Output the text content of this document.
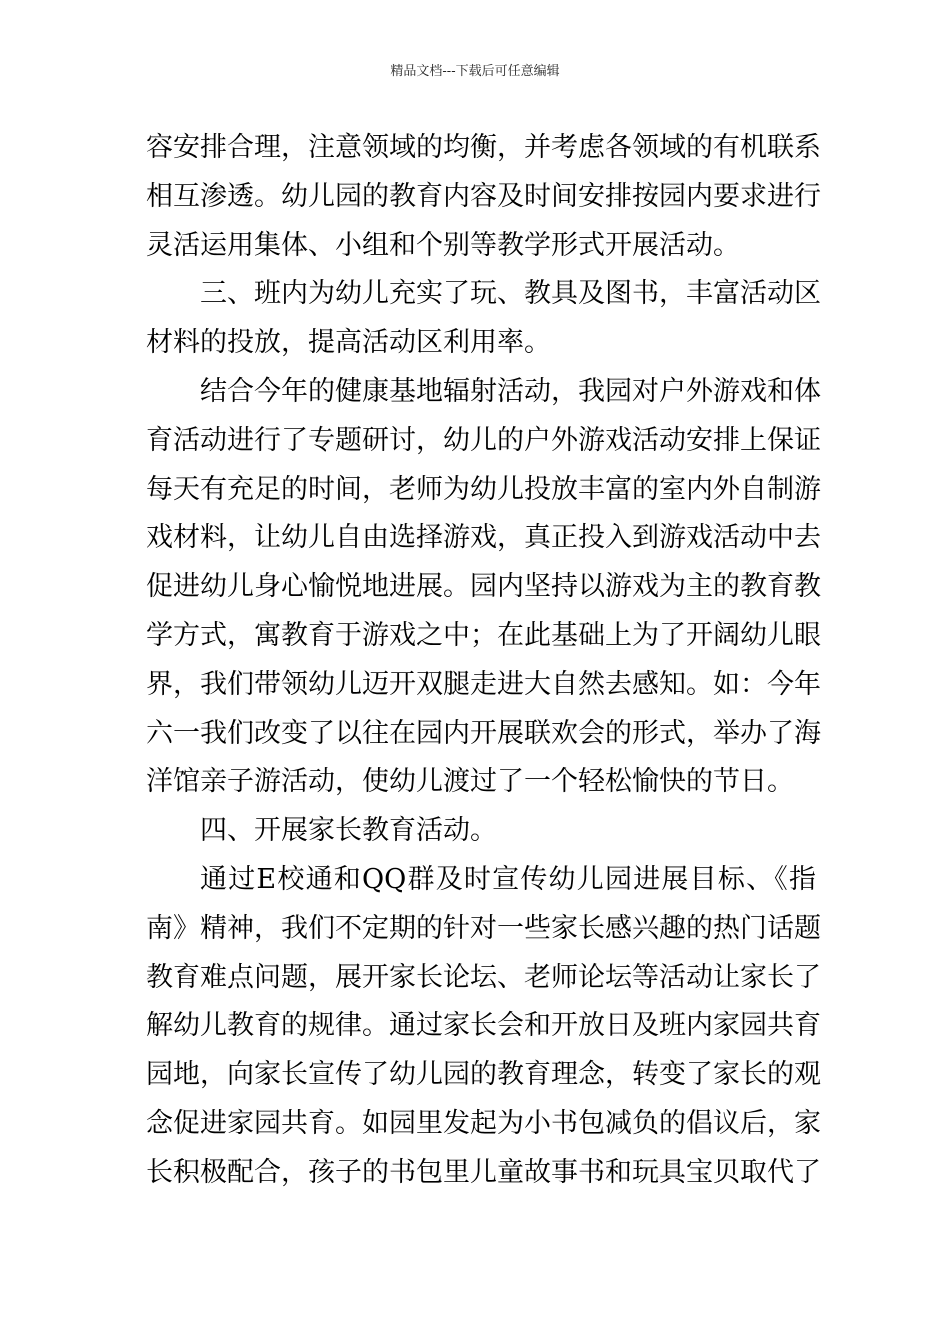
精品文档---下载后可任意编辑
容安排合理，注意领域的均衡，并考虑各领域的有机联系
相互渗透。幼儿园的教育内容及时间安排按园内要求进行
灵活运用集体、小组和个别等教学形式开展活动。
三、班内为幼儿充实了玩、教具及图书，丰富活动区
材料的投放，提高活动区利用率。
结合今年的健康基地辐射活动，我园对户外游戏和体
育活动进行了专题研讨，幼儿的户外游戏活动安排上保证
每天有充足的时间，老师为幼儿投放丰富的室内外自制游
戏材料，让幼儿自由选择游戏，真正投入到游戏活动中去
促进幼儿身心愉悦地进展。园内坚持以游戏为主的教育教
学方式，寓教育于游戏之中；在此基础上为了开阔幼儿眼
界，我们带领幼儿迈开双腿走进大自然去感知。如：今年
六一我们改变了以往在园内开展联欢会的形式，举办了海
洋馆亲子游活动，使幼儿渡过了一个轻松愉快的节日。
四、开展家长教育活动。
通过E校通和QQ群及时宣传幼儿园进展目标、《指
南》精神，我们不定期的针对一些家长感兴趣的热门话题
教育难点问题，展开家长论坛、老师论坛等活动让家长了
解幼儿教育的规律。通过家长会和开放日及班内家园共育
园地，向家长宣传了幼儿园的教育理念，转变了家长的观
念促进家园共育。如园里发起为小书包减负的倡议后，家
长积极配合，孩子的书包里儿童故事书和玩具宝贝取代了
